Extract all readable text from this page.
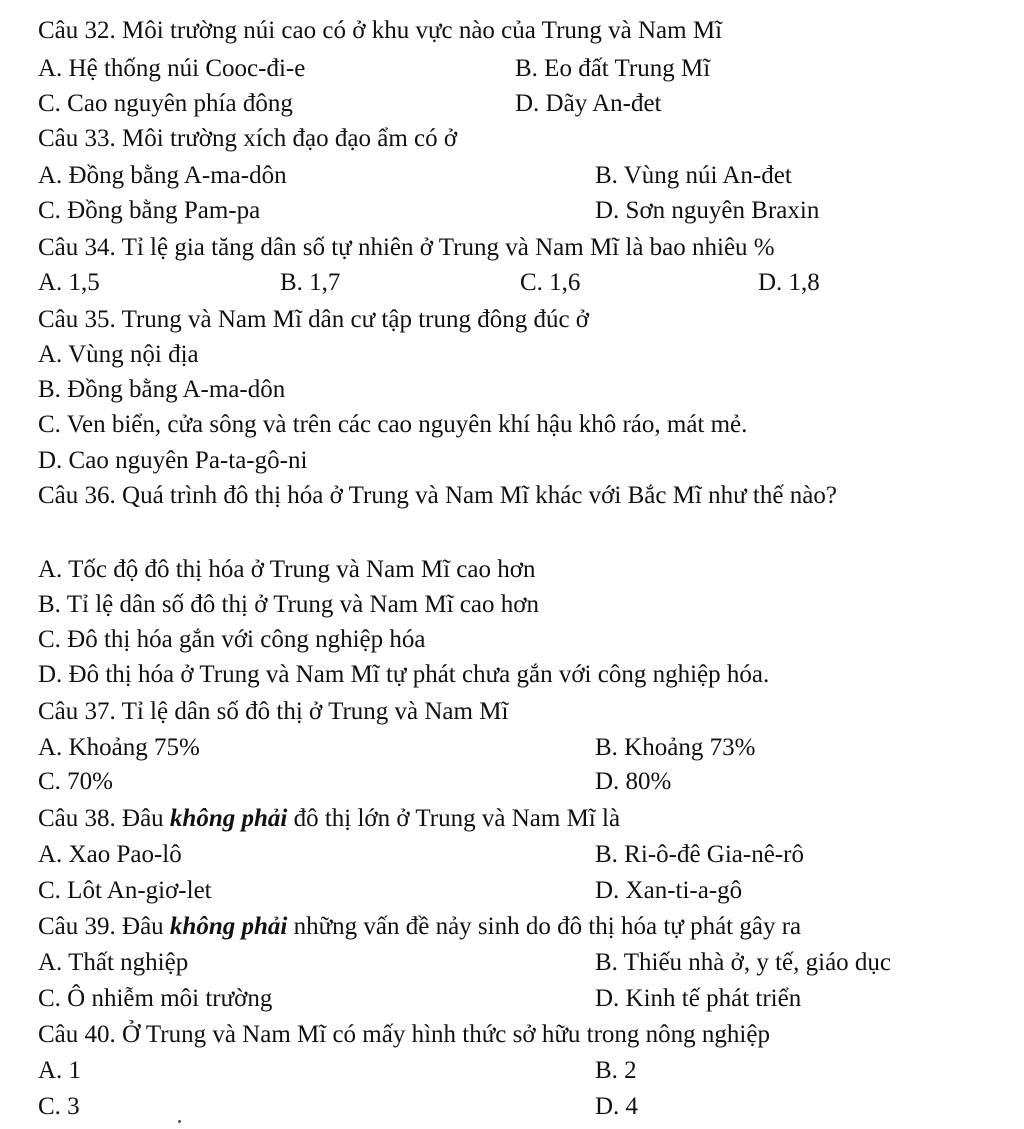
Câu 32. Môi trường núi cao có ở khu vực nào của Trung và Nam Mĩ
A. Hệ thống núi Cooc-đi-e	B. Eo đất Trung Mĩ
C. Cao nguyên phía đông	D. Dãy An-đet
Câu 33. Môi trường xích đạo đạo ẩm có ở
A. Đồng bằng A-ma-dôn	B. Vùng núi An-đet
C. Đồng bằng Pam-pa	D. Sơn nguyên Braxin
Câu 34. Tỉ lệ gia tăng dân số tự nhiên ở Trung và Nam Mĩ là bao nhiêu %
A. 1,5	B. 1,7	C. 1,6	D. 1,8
Câu 35. Trung và Nam Mĩ dân cư tập trung đông đúc ở
A. Vùng nội địa
B. Đồng bằng A-ma-dôn
C. Ven biển, cửa sông và trên các cao nguyên khí hậu khô ráo, mát mẻ.
D. Cao nguyên Pa-ta-gô-ni
Câu 36. Quá trình đô thị hóa ở Trung và Nam Mĩ khác với Bắc Mĩ như thế nào?
A. Tốc độ đô thị hóa ở Trung và Nam Mĩ cao hơn
B. Tỉ lệ dân số đô thị ở Trung và Nam Mĩ cao hơn
C. Đô thị hóa gắn với công nghiệp hóa
D. Đô thị hóa ở Trung và Nam Mĩ tự phát chưa gắn với công nghiệp hóa.
Câu 37. Tỉ lệ dân số đô thị ở Trung và Nam Mĩ
A. Khoảng 75%	B. Khoảng 73%
C. 70%	D. 80%
Câu 38. Đâu không phải đô thị lớn ở Trung và Nam Mĩ là
A. Xao Pao-lô	B. Ri-ô-đê Gia-nê-rô
C. Lôt An-giơ-let	D. Xan-ti-a-gô
Câu 39. Đâu không phải những vấn đề nảy sinh do đô thị hóa tự phát gây ra
A. Thất nghiệp	B. Thiếu nhà ở, y tế, giáo dục
C. Ô nhiễm môi trường	D. Kinh tế phát triển
Câu 40. Ở Trung và Nam Mĩ có mấy hình thức sở hữu trong nông nghiệp
A. 1	B. 2
C. 3	D. 4
